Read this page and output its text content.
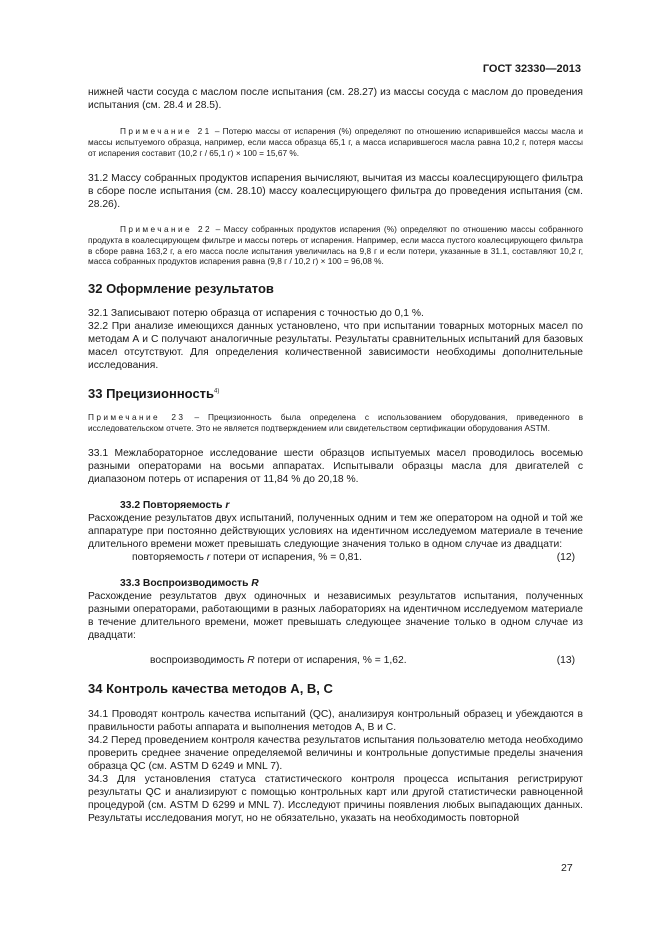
ГОСТ 32330—2013

нижней части сосуда с маслом после испытания (см. 28.27) из массы сосуда с маслом до проведения испытания (см. 28.4 и 28.5).

Примечание 21 – Потерю массы от испарения (%) определяют по отношению испарившейся массы масла и массы испытуемого образца, например, если масса образца 65,1 г, а масса испарившегося масла равна 10,2 г, потеря массы от испарения составит (10,2 г / 65,1 г) × 100 = 15,67 %.

31.2 Массу собранных продуктов испарения вычисляют, вычитая из массы коалесцирующего фильтра в сборе после испытания (см. 28.10) массу коалесцирующего фильтра до проведения испытания (см. 28.26).

Примечание 22 – Массу собранных продуктов испарения (%) определяют по отношению массы собранного продукта в коалесцирующем фильтре и массы потерь от испарения. Например, если масса пустого коалесцирующего фильтра в сборе равна 163,2 г, а его масса после испытания увеличилась на 9,8 г и если потери, указанные в 31.1, составляют 10,2 г, масса собранных продуктов испарения равна (9,8 г / 10,2 г) × 100 = 96,08 %.

32 Оформление результатов

32.1 Записывают потерю образца от испарения с точностью до 0,1 %.

32.2 При анализе имеющихся данных установлено, что при испытании товарных моторных масел по методам А и С получают аналогичные результаты. Результаты сравнительных испытаний для базовых масел отсутствуют. Для определения количественной зависимости необходимы дополнительные исследования.

33 Прецизионность$^{4)}$

Примечание 23 – Прецизионность была определена с использованием оборудования, приведенного в исследовательском отчете. Это не является подтверждением или свидетельством сертификации оборудования ASTM.

33.1 Межлабораторное исследование шести образцов испытуемых масел проводилось восемью разными операторами на восьми аппаратах. Испытывали образцы масла для двигателей с диапазоном потерь от испарения от 11,84 % до 20,18 %.

33.2 Повторяемость r

Расхождение результатов двух испытаний, полученных одним и тем же оператором на одной и той же аппаратуре при постоянно действующих условиях на идентичном исследуемом материале в течение длительного времени может превышать следующие значения только в одном случае из двадцати:

повторяемость r потери от испарения, % = 0,81.	(12)

33.3 Воспроизводимость R

Расхождение результатов двух одиночных и независимых результатов испытания, полученных разными операторами, работающими в разных лабораториях на идентичном исследуемом материале в течение длительного времени, может превышать следующее значение только в одном случае из двадцати:

воспроизводимость R потери от испарения, % = 1,62.	(13)
34 Контроль качества методов А, В, С

34.1 Проводят контроль качества испытаний (QC), анализируя контрольный образец и убеждаются в правильности работы аппарата и выполнения методов А, В и С.

34.2 Перед проведением контроля качества результатов испытания пользователю метода необходимо проверить среднее значение определяемой величины и контрольные допустимые пределы значения образца QC (см. ASTM D 6249 и MNL 7).

34.3 Для установления статуса статистического контроля процесса испытания регистрируют результаты QC и анализируют с помощью контрольных карт или другой статистически равноценной процедурой (см. ASTM D 6299 и MNL 7). Исследуют причины появления любых выпадающих данных. Результаты исследования могут, но не обязательно, указать на необходимость повторной

27
